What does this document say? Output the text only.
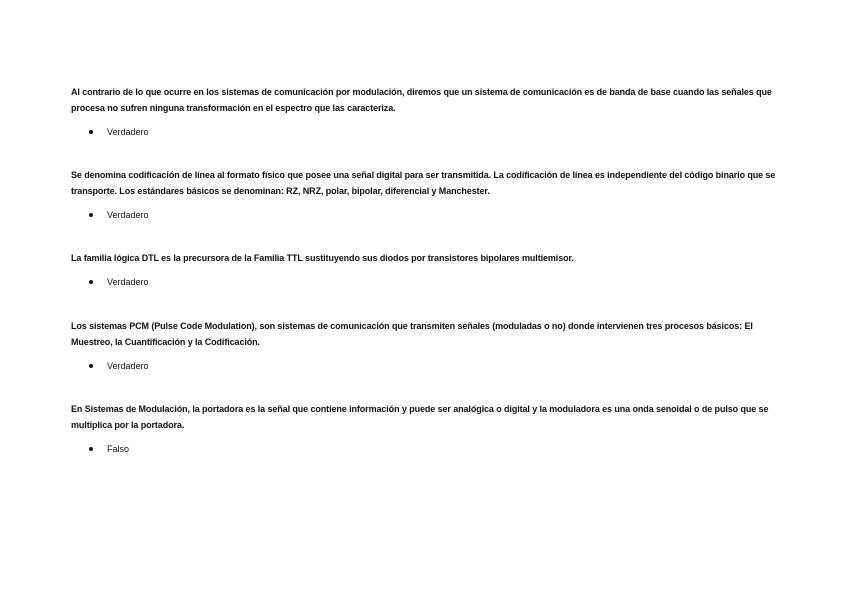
Al contrario de lo que ocurre en los sistemas de comunicación por modulación, diremos que un sistema de comunicación es de banda de base cuando las señales que procesa no sufren ninguna transformación en el espectro que las caracteriza.

Verdadero

Se denomina codificación de línea al formato físico que posee una señal digital para ser transmitida. La codificación de línea es independiente del código binario que se transporte. Los estándares básicos se denominan: RZ, NRZ, polar, bipolar, diferencial y Manchester.

Verdadero

La familia lógica DTL es la precursora de la Familia TTL sustituyendo sus diodos por transistores bipolares multiemisor.

Verdadero

Los sistemas PCM (Pulse Code Modulation), son sistemas de comunicación que transmiten señales (moduladas o no) donde intervienen tres procesos básicos: El Muestreo, la Cuantificación y la Codificación.

Verdadero

En Sistemas de Modulación, la portadora es la señal que contiene información y puede ser analógica o digital y la moduladora es una onda senoidal o de pulso que se multiplica por la portadora.

Falso
